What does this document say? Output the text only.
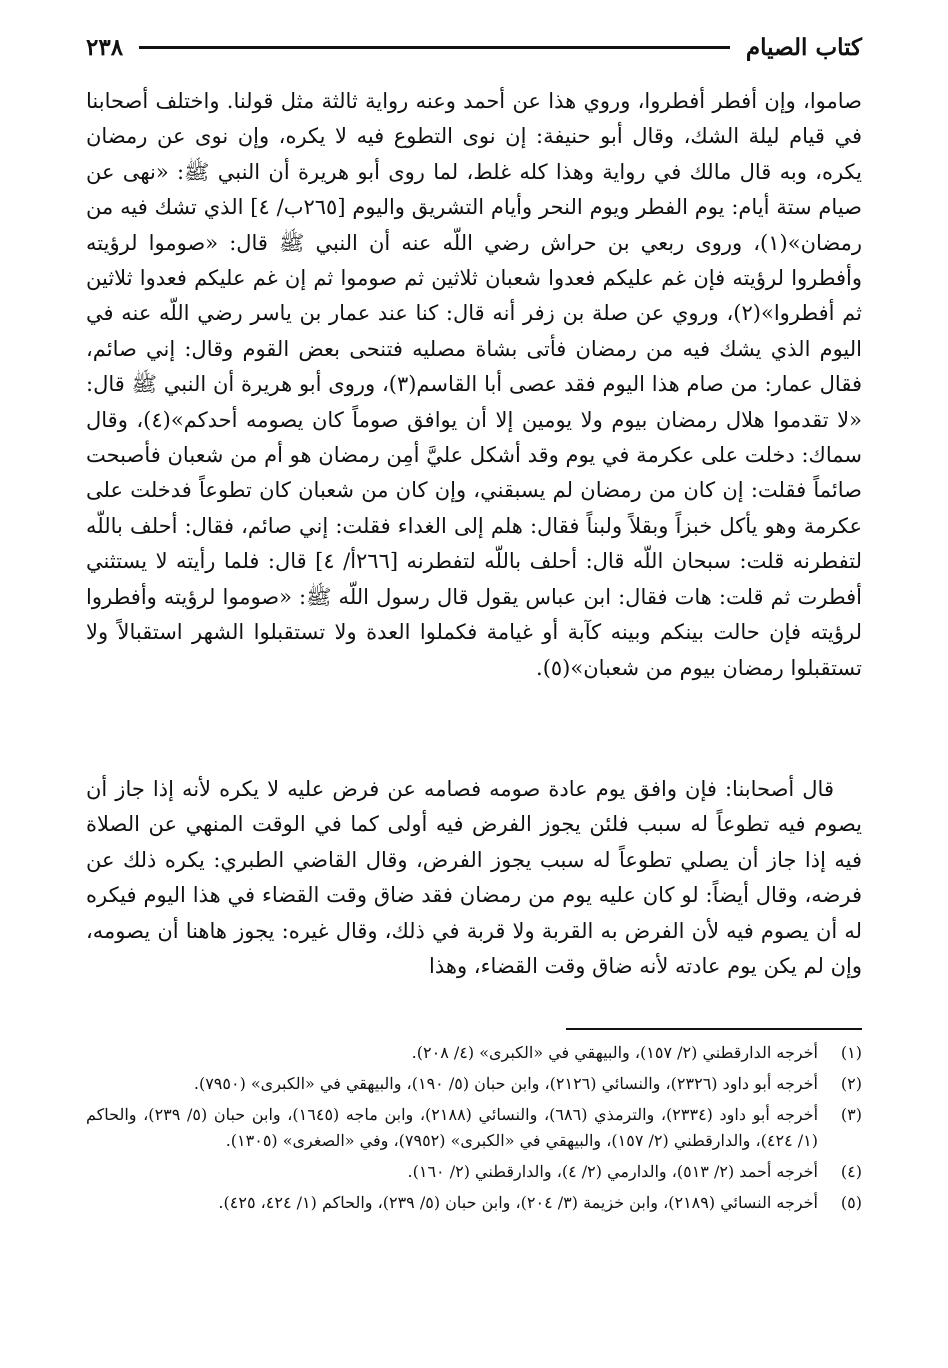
كتاب الصيام
٢٣٨
صاموا، وإن أفطر أفطروا، وروي هذا عن أحمد وعنه رواية ثالثة مثل قولنا. واختلف أصحابنا في قيام ليلة الشك، وقال أبو حنيفة: إن نوى التطوع فيه لا يكره، وإن نوى عن رمضان يكره، وبه قال مالك في رواية وهذا كله غلط، لما روى أبو هريرة أن النبي ﷺ: «نهى عن صيام ستة أيام: يوم الفطر ويوم النحر وأيام التشريق واليوم [٢٦٥ب/ ٤] الذي تشك فيه من رمضان»(١)، وروى ربعي بن حراش رضي اللّه عنه أن النبي ﷺ قال: «صوموا لرؤيته وأفطروا لرؤيته فإن غم عليكم فعدوا شعبان ثلاثين ثم صوموا ثم إن غم عليكم فعدوا ثلاثين ثم أفطروا»(٢)، وروي عن صلة بن زفر أنه قال: كنا عند عمار بن ياسر رضي اللّه عنه في اليوم الذي يشك فيه من رمضان فأتى بشاة مصليه فتنحى بعض القوم وقال: إني صائم، فقال عمار: من صام هذا اليوم فقد عصى أبا القاسم(٣)، وروى أبو هريرة أن النبي ﷺ قال: «لا تقدموا هلال رمضان بيوم ولا يومين إلا أن يوافق صوماً كان يصومه أحدكم»(٤)، وقال سماك: دخلت على عكرمة في يوم وقد أشكل عليَّ أمِن رمضان هو أم من شعبان فأصبحت صائماً فقلت: إن كان من رمضان لم يسبقني، وإن كان من شعبان كان تطوعاً فدخلت على عكرمة وهو يأكل خبزاً وبقلاً ولبناً فقال: هلم إلى الغداء فقلت: إني صائم، فقال: أحلف باللّه لتفطرنه قلت: سبحان اللّه قال: أحلف باللّه لتفطرنه [٢٦٦أ/ ٤] قال: فلما رأيته لا يستثني أفطرت ثم قلت: هات فقال: ابن عباس يقول قال رسول اللّه ﷺ: «صوموا لرؤيته وأفطروا لرؤيته فإن حالت بينكم وبينه كآبة أو غيامة فكملوا العدة ولا تستقبلوا الشهر استقبالاً ولا تستقبلوا رمضان بيوم من شعبان»(٥).
قال أصحابنا: فإن وافق يوم عادة صومه فصامه عن فرض عليه لا يكره لأنه إذا جاز أن يصوم فيه تطوعاً له سبب فلئن يجوز الفرض فيه أولى كما في الوقت المنهي عن الصلاة فيه إذا جاز أن يصلي تطوعاً له سبب يجوز الفرض، وقال القاضي الطبري: يكره ذلك عن فرضه، وقال أيضاً: لو كان عليه يوم من رمضان فقد ضاق وقت القضاء في هذا اليوم فيكره له أن يصوم فيه لأن الفرض به القربة ولا قربة في ذلك، وقال غيره: يجوز هاهنا أن يصومه، وإن لم يكن يوم عادته لأنه ضاق وقت القضاء، وهذا
(١)
أخرجه الدارقطني (٢/ ١٥٧)، والبيهقي في «الكبرى» (٤/ ٢٠٨).
(٢)
أخرجه أبو داود (٢٣٢٦)، والنسائي (٢١٢٦)، وابن حبان (٥/ ١٩٠)، والبيهقي في «الكبرى» (٧٩٥٠).
(٣)
أخرجه أبو داود (٢٣٣٤)، والترمذي (٦٨٦)، والنسائي (٢١٨٨)، وابن ماجه (١٦٤٥)، وابن حبان (٥/ ٢٣٩)، والحاكم (١/ ٤٢٤)، والدارقطني (٢/ ١٥٧)، والبيهقي في «الكبرى» (٧٩٥٢)، وفي «الصغرى» (١٣٠٥).
(٤)
أخرجه أحمد (٢/ ٥١٣)، والدارمي (٢/ ٤)، والدارقطني (٢/ ١٦٠).
(٥)
أخرجه النسائي (٢١٨٩)، وابن خزيمة (٣/ ٢٠٤)، وابن حبان (٥/ ٢٣٩)، والحاكم (١/ ٤٢٤، ٤٢٥).
